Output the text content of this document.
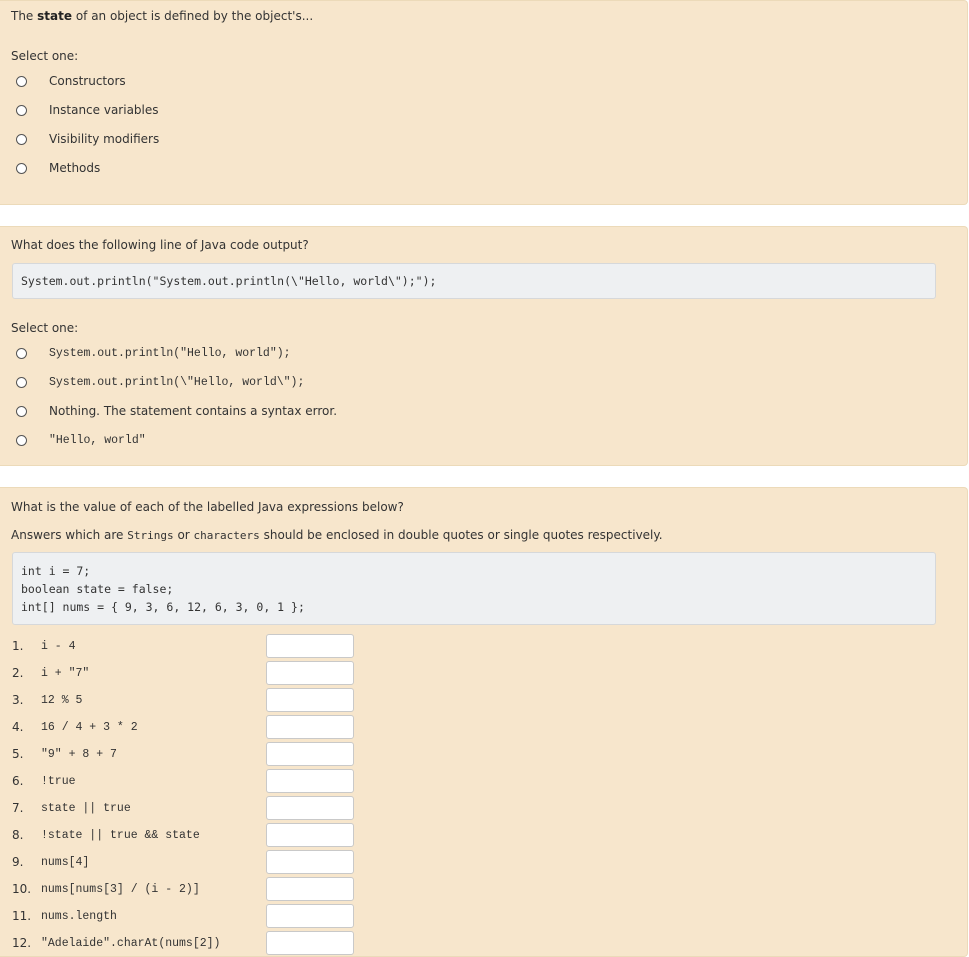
The state of an object is defined by the object's...
Select one:
Constructors
Instance variables
Visibility modifiers
Methods
What does the following line of Java code output?
System.out.println("System.out.println(\"Hello, world\");");
Select one:
System.out.println("Hello, world");
System.out.println(\"Hello, world\");
Nothing. The statement contains a syntax error.
"Hello, world"
What is the value of each of the labelled Java expressions below?
Answers which are Strings or characters should be enclosed in double quotes or single quotes respectively.
int i = 7;
boolean state = false;
int[] nums = { 9, 3, 6, 12, 6, 3, 0, 1 };
1.	i - 4
2.	i + "7"
3.	12 % 5
4.	16 / 4 + 3 * 2
5.	"9" + 8 + 7
6.	!true
7.	state || true
8.	!state || true && state
9.	nums[4]
10. nums[nums[3] / (i - 2)]
11. nums.length
12. "Adelaide".charAt(nums[2])
